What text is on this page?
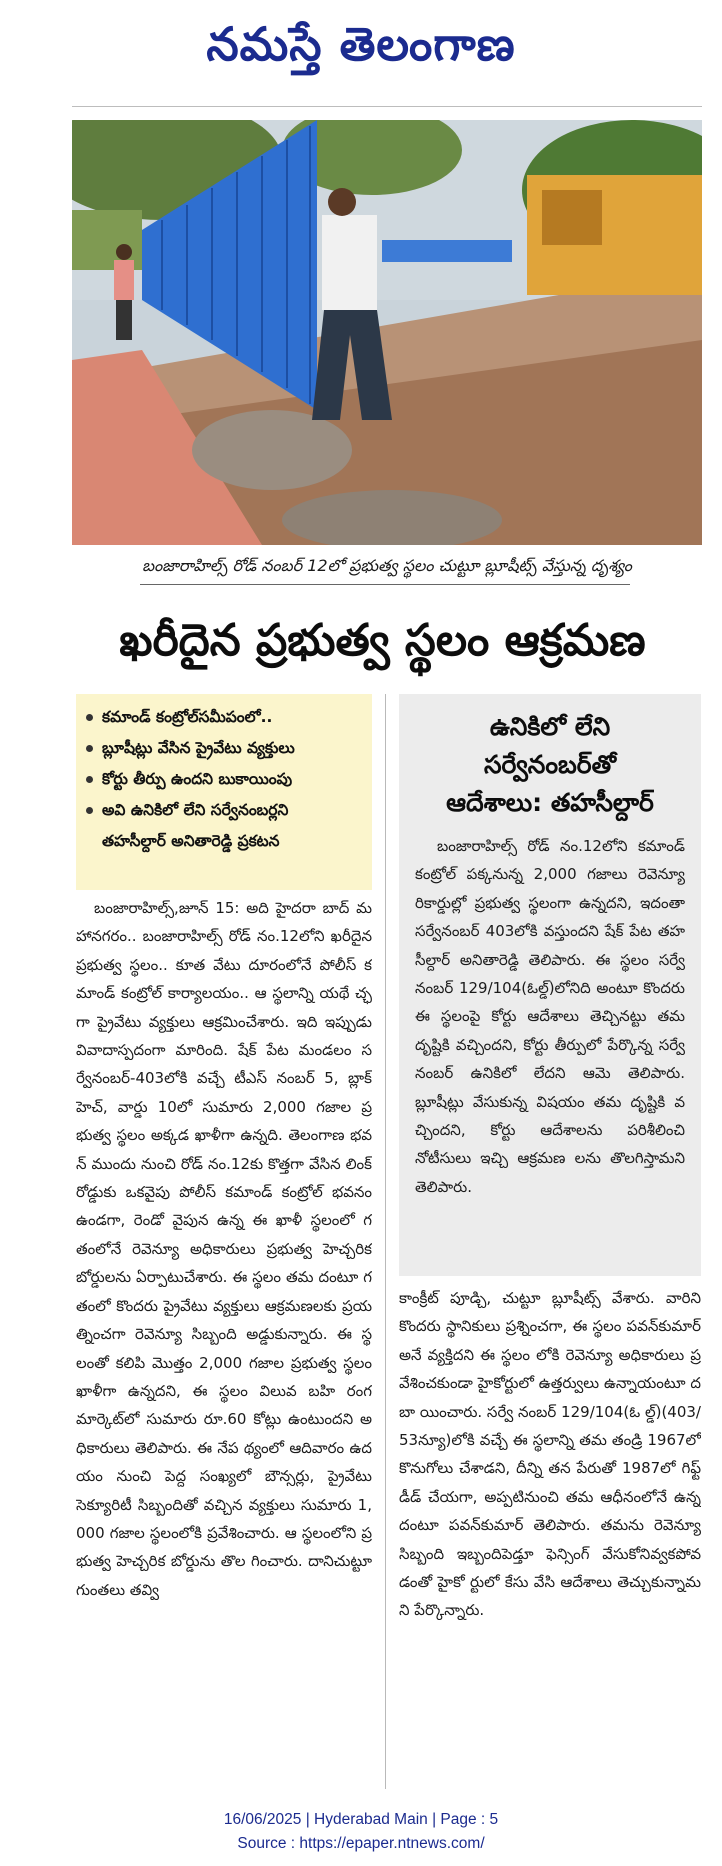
నమస్తే తెలంగాణ
బంజారాహిల్స్ రోడ్ నంబర్ 12లో ప్రభుత్వ స్థలం చుట్టూ బ్లూషీట్స్ వేస్తున్న దృశ్యం
ఖరీదైన ప్రభుత్వ స్థలం ఆక్రమణ
కమాండ్ కంట్రోల్‌సమీపంలో..
బ్లూషీట్లు వేసిన ప్రైవేటు వ్యక్తులు
కోర్టు తీర్పు ఉందని బుకాయింపు
అవి ఉనికిలో లేని సర్వేనంబర్లని
తహసీల్దార్ అనితారెడ్డి ప్రకటన
ఉనికిలో లేని
సర్వేనంబర్‌తో
ఆదేశాలు: తహసీల్దార్
బంజారాహిల్స్ రోడ్ నం.12లోని కమాండ్ కంట్రోల్ పక్కనున్న 2,000 గజాలు రెవెన్యూ రికార్డుల్లో ప్రభుత్వ స్థలంగా ఉన్నదని, ఇదంతా సర్వేనంబర్ 403లోకి వస్తుందని షేక్ పేట తహసీల్దార్ అనితారెడ్డి తెలిపారు. ఈ స్థలం సర్వే నంబర్ 129/104(ఓల్డ్)లోనిది అంటూ కొందరు ఈ స్థలంపై కోర్టు ఆదేశాలు తెచ్చినట్టు తమ దృష్టికి వచ్చిందని, కోర్టు తీర్పులో పేర్కొన్న సర్వే నంబర్ ఉనికిలో లేదని ఆమె తెలిపారు. బ్లూషీట్లు వేసుకున్న విషయం తమ దృష్టికి వచ్చిందని, కోర్టు ఆదేశాలను పరిశీలించి నోటీసులు ఇచ్చి ఆక్రమణ లను తొలగిస్తామని తెలిపారు.
బంజారాహిల్స్,జూన్ 15: అది హైదరా బాద్ మహానగరం.. బంజారాహిల్స్ రోడ్ నం.12లోని ఖరీదైన ప్రభుత్వ స్థలం.. కూత వేటు దూరంలోనే పోలీస్ కమాండ్ కంట్రోల్ కార్యాలయం.. ఆ స్థలాన్ని యథే చ్ఛగా ప్రైవేటు వ్యక్తులు ఆక్రమించేశారు. ఇది ఇప్పుడు వివాదాస్పదంగా మారింది. షేక్ పేట మండలం సర్వేనంబర్-403లోకి వచ్చే టీఎస్ నంబర్ 5, బ్లాక్ హెచ్, వార్డు 10లో సుమారు 2,000 గజాల ప్రభుత్వ స్థలం అక్కడ ఖాళీగా ఉన్నది. తెలంగాణ భవన్ ముందు నుంచి రోడ్ నం.12కు కొత్తగా వేసిన లింక్ రోడ్డుకు ఒకవైపు పోలీస్ కమాండ్ కంట్రోల్ భవనం ఉండగా, రెండో వైపున ఉన్న ఈ ఖాళీ స్థలంలో గతంలోనే రెవెన్యూ అధికారులు ప్రభుత్వ హెచ్చరిక బోర్డులను ఏర్పాటుచేశారు. ఈ స్థలం తమ దంటూ గతంలో కొందరు ప్రైవేటు వ్యక్తులు ఆక్రమణలకు ప్రయత్నించగా రెవెన్యూ సిబ్బంది అడ్డుకున్నారు. ఈ స్థలంతో కలిపి మొత్తం 2,000 గజాల ప్రభుత్వ స్థలం ఖాళీగా ఉన్నదని, ఈ స్థలం విలువ బహి రంగ మార్కెట్‌లో సుమారు రూ.60 కోట్లు ఉంటుందని అధికారులు తెలిపారు. ఈ నేప థ్యంలో ఆదివారం ఉదయం నుంచి పెద్ద సంఖ్యలో బౌన్సర్లు, ప్రైవేటు సెక్యూరిటీ సిబ్బందితో వచ్చిన వ్యక్తులు సుమారు 1,000 గజాల స్థలంలోకి ప్రవేశించారు. ఆ స్థలంలోని ప్రభుత్వ హెచ్చరిక బోర్డును తొల గించారు. దానిచుట్టూ గుంతలు తవ్వి
కాంక్రీట్ పూడ్చి, చుట్టూ బ్లూషీట్స్ వేశారు. వారిని కొందరు స్థానికులు ప్రశ్నించగా, ఈ స్థలం పవన్‌కుమార్ అనే వ్యక్తిదని ఈ స్థలం లోకి రెవెన్యూ అధికారులు ప్రవేశించకుండా హైకోర్టులో ఉత్తర్వులు ఉన్నాయంటూ దబా యించారు. సర్వే నంబర్ 129/104(ఓ ల్డ్)(403/53న్యూ)లోకి వచ్చే ఈ స్థలాన్ని తమ తండ్రి 1967లో కొనుగోలు చేశాడని, దీన్ని తన పేరుతో 1987లో గిఫ్ట్ డీడ్ చేయగా, అప్పటినుంచి తమ ఆధీనంలోనే ఉన్నదంటూ పవన్‌కుమార్ తెలిపారు. తమను రెవెన్యూ సిబ్బంది ఇబ్బందిపెడ్తూ ఫెన్సింగ్ వేసుకోనివ్వకపోవడంతో హైకో ర్టులో కేసు వేసి ఆదేశాలు తెచ్చుకున్నామని పేర్కొన్నారు.
16/06/2025 | Hyderabad Main | Page : 5
Source : https://epaper.ntnews.com/
